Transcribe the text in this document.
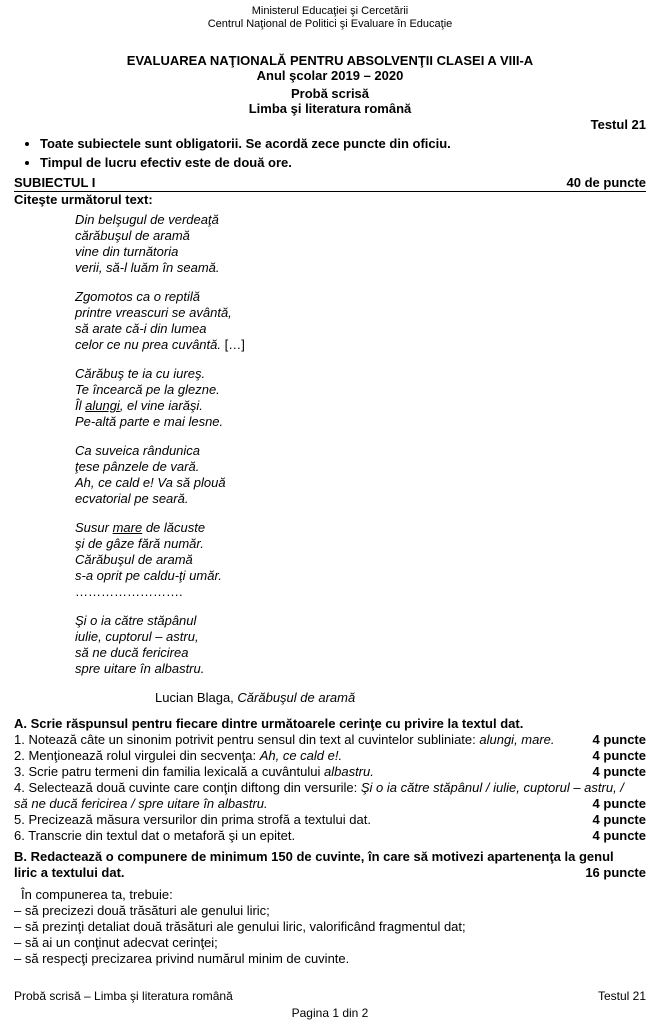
Ministerul Educaţiei şi Cercetării
Centrul Naţional de Politici şi Evaluare în Educaţie
EVALUAREA NAŢIONALĂ PENTRU ABSOLVENŢII CLASEI A VIII-A
Anul şcolar 2019 – 2020
Probă scrisă
Limba şi literatura română
Testul 21
• Toate subiectele sunt obligatorii. Se acordă zece puncte din oficiu.
• Timpul de lucru efectiv este de două ore.
SUBIECTUL I	40 de puncte
Citeşte următorul text:
Din belşugul de verdeaţă
cărăbuşul de aramă
vine din turnătoria
verii, să-l luăm în seamă.
Zgomotos ca o reptilă
printre vreascuri se avântă,
să arate că-i din lumea
celor ce nu prea cuvântă. […]
Cărăbuş te ia cu iureş.
Te încearcă pe la glezne.
Îl alungi, el vine iarăşi.
Pe-altă parte e mai lesne.
Ca suveica rândunica
ţese pânzele de vară.
Ah, ce cald e! Va să plouă
ecvatorial pe seară.
Susur mare de lăcuste
şi de gâze fără număr.
Cărăbuşul de aramă
s-a oprit pe caldu-ţi umăr.
…………………….
Şi o ia către stăpânul
iulie, cuptorul – astru,
să ne ducă fericirea
spre uitare în albastru.
Lucian Blaga, Cărăbuşul de aramă
A. Scrie răspunsul pentru fiecare dintre următoarele cerinţe cu privire la textul dat.
1. Notează câte un sinonim potrivit pentru sensul din text al cuvintelor subliniate: alungi, mare.	4 puncte
2. Menţionează rolul virgulei din secvenţa: Ah, ce cald e!.	4 puncte
3. Scrie patru termeni din familia lexicală a cuvântului albastru.	4 puncte
4. Selectează două cuvinte care conţin diftong din versurile: Şi o ia către stăpânul / iulie, cuptorul – astru, /
să ne ducă fericirea / spre uitare în albastru.	4 puncte
5. Precizează măsura versurilor din prima strofă a textului dat.	4 puncte
6. Transcrie din textul dat o metaforă şi un epitet.	4 puncte
B. Redactează o compunere de minimum 150 de cuvinte, în care să motivezi apartenenţa la genul
liric a textului dat.	16 puncte
În compunerea ta, trebuie:
– să precizezi două trăsături ale genului liric;
– să prezinţi detaliat două trăsături ale genului liric, valorificând fragmentul dat;
– să ai un conţinut adecvat cerinţei;
– să respecţi precizarea privind numărul minim de cuvinte.
Probă scrisă – Limba şi literatura română	Testul 21
Pagina 1 din 2
